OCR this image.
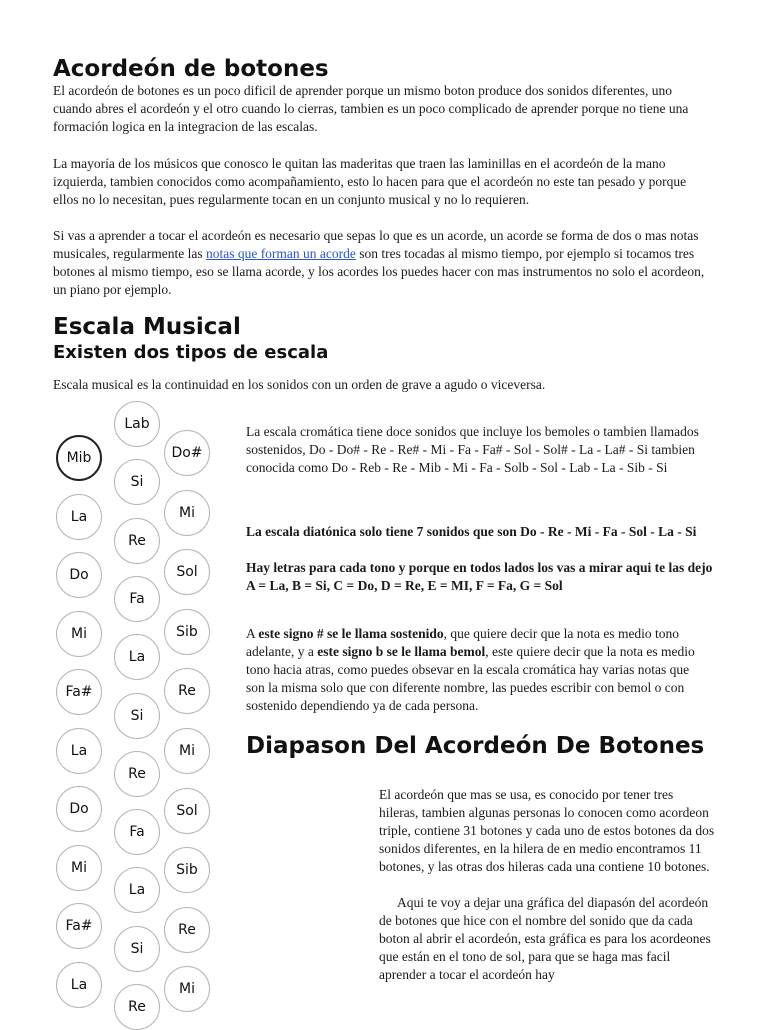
Acordeón de botones

El acordeón de botones es un poco dificil de aprender porque un mismo boton produce dos sonidos diferentes, uno cuando abres el acordeón y el otro cuando lo cierras, tambien es un poco complicado de aprender porque no tiene una formación logica en la integracion de las escalas.

La mayoría de los músicos que conosco le quitan las maderitas que traen las laminillas en el acordeón de la mano izquierda, tambien conocidos como acompañamiento, esto lo hacen para que el acordeón no este tan pesado y porque ellos no lo necesitan, pues regularmente tocan en un conjunto musical y no lo requieren.

Si vas a aprender a tocar el acordeón es necesario que sepas lo que es un acorde, un acorde se forma de dos o mas notas musicales, regularmente las notas que forman un acorde son tres tocadas al mismo tiempo, por ejemplo si tocamos tres botones al mismo tiempo, eso se llama acorde, y los acordes los puedes hacer con mas instrumentos no solo el acordeon, un piano por ejemplo.

Escala Musical
Existen dos tipos de escala

Escala musical es la continuidad en los sonidos con un orden de grave a agudo o viceversa.

Mib
La
Do
Mi
Fa#
La
Do
Mi
Fa#
La
Lab
Si
Re
Fa
La
Si
Re
Fa
La
Si
Re
Do#
Mi
Sol
Sib
Re
Mi
Sol
Sib
Re
Mi

La escala cromática tiene doce sonidos que incluye los bemoles o tambien llamados sostenidos, Do - Do# - Re - Re# - Mi - Fa - Fa# - Sol - Sol# - La - La# - Si tambien conocida como Do - Reb - Re - Mib - Mi - Fa - Solb - Sol - Lab - La - Sib - Si

La escala diatónica solo tiene 7 sonidos que son Do - Re - Mi - Fa - Sol - La - Si

Hay letras para cada tono y porque en todos lados los vas a mirar aqui te las dejo A = La, B = Si, C = Do, D = Re, E = MI, F = Fa, G = Sol

A este signo # se le llama sostenido, que quiere decir que la nota es medio tono adelante, y a este signo b se le llama bemol, este quiere decir que la nota es medio tono hacia atras, como puedes obsevar en la escala cromática hay varias notas que son la misma solo que con diferente nombre, las puedes escribir con bemol o con sostenido dependiendo ya de cada persona.

Diapason Del Acordeón De Botones

El acordeón que mas se usa, es conocido por tener tres hileras, tambien algunas personas lo conocen como acordeon triple, contiene 31 botones y cada uno de estos botones da dos sonidos diferentes, en la hilera de en medio encontramos 11 botones, y las otras dos hileras cada una contiene 10 botones.

Aqui te voy a dejar una gráfica del diapasón del acordeón de botones que hice con el nombre del sonido que da cada boton al abrir el acordeón, esta gráfica es para los acordeones que están en el tono de sol, para que se haga mas facil aprender a tocar el acordeón hay
